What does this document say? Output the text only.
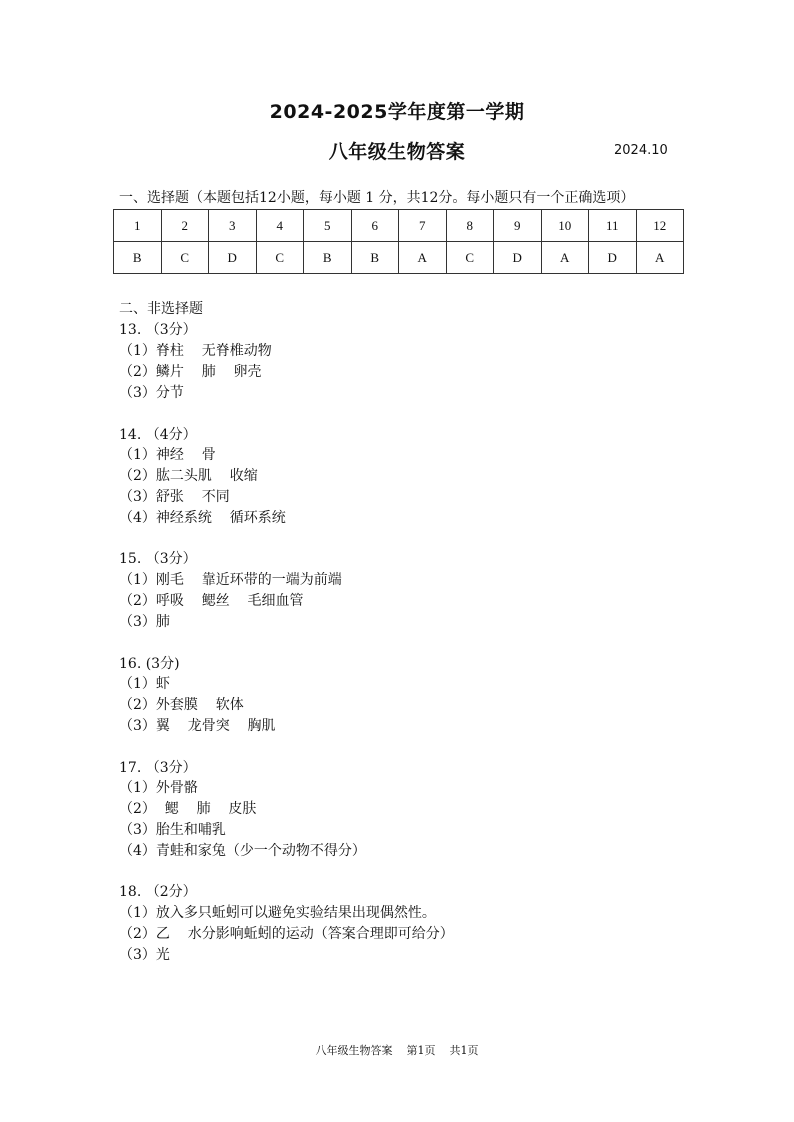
2024-2025学年度第一学期
八年级生物答案	2024.10
一、选择题（本题包括12小题，每小题 1 分，共12分。每小题只有一个正确选项）
1	2	3	4	5	6	7	8	9	10	11	12
B	C	D	C	B	B	A	C	D	A	D	A
二、非选择题
13. （3分）
（1）脊柱    无脊椎动物
（2）鳞片    肺    卵壳
（3）分节
14. （4分）
（1）神经    骨
（2）肱二头肌    收缩
（3）舒张    不同
（4）神经系统    循环系统
15. （3分）
（1）刚毛    靠近环带的一端为前端
（2）呼吸    鳃丝    毛细血管
（3）肺
16. (3分)
（1）虾
（2）外套膜    软体
（3）翼    龙骨突    胸肌
17. （3分）
（1）外骨骼
（2）  鳃    肺    皮肤
（3）胎生和哺乳
（4）青蛙和家兔（少一个动物不得分）
18. （2分）
（1）放入多只蚯蚓可以避免实验结果出现偶然性。
（2）乙    水分影响蚯蚓的运动（答案合理即可给分）
（3）光
八年级生物答案    第1页    共1页
